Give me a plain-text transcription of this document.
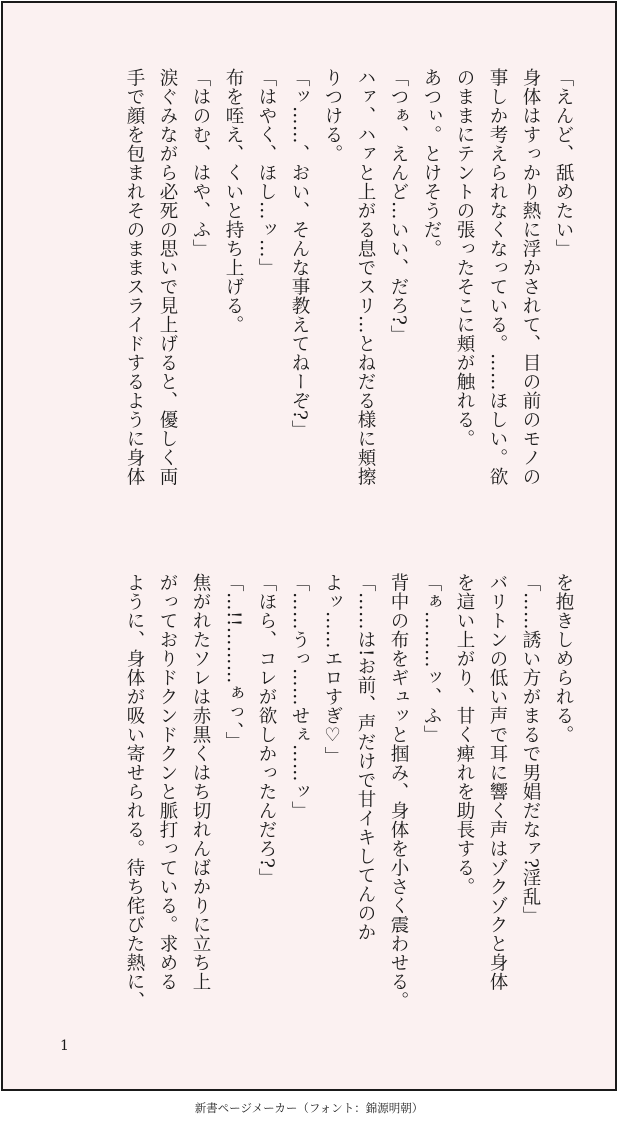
「えんど、舐めたい」
身体はすっかり熱に浮かされて、目の前のモノの
事しか考えられなくなっている。……ほしい。欲
のままにテントの張ったそこに頬が触れる。
あつぃ。とけそうだ。
「つぁ、えんど…いい、だろ?」
ハァ、ハァと上がる息でスリ…とねだる様に頬擦
りつける。
「ッ……、おい、そんな事教えてねーぞ?」
「はやく、ほし…ッ…」
布を咥え、くいと持ち上げる。
「はのむ、はや、ふ」
涙ぐみながら必死の思いで見上げると、優しく両
手で顔を包まれそのままスライドするように身体
を抱きしめられる。
「……誘い方がまるで男娼だなァ?淫乱」
バリトンの低い声で耳に響く声はゾクゾクと身体
を這い上がり、甘く痺れを助長する。
「ぁ………ッ、ふ」
背中の布をギュッと掴み、身体を小さく震わせる。
「……は!お前、声だけで甘イキしてんのか
よッ……エロすぎ♡」
「……うっ……せぇ……ッ」
「ほら、コレが欲しかったんだろ?」
「…!!………ぁっ、」
焦がれたソレは赤黒くはち切れんばかりに立ち上
がっておりドクンドクンと脈打っている。求める
ように、身体が吸い寄せられる。待ち侘びた熱に、
1
新書ページメーカー（フォント：錦源明朝）
